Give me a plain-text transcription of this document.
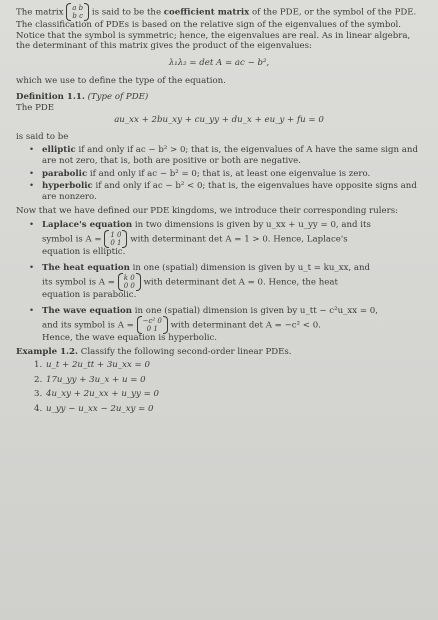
The matrix a b
b c is said to be the coefficient matrix of the PDE, or the symbol of the PDE. The classification of PDEs is based on the relative sign of the eigenvalues of the symbol. Notice that the symbol is symmetric; hence, the eigenvalues are real. As in linear algebra, the determinant of this matrix gives the product of the eigenvalues:

λ₁λ₂ = det A = ac − b²,

which we use to define the type of the equation.

Definition 1.1. (Type of PDE)

The PDE

au_xx + 2bu_xy + cu_yy + du_x + eu_y + fu = 0

is said to be

• elliptic if and only if ac − b² > 0; that is, the eigenvalues of A have the same sign and are not zero, that is, both are positive or both are negative.
• parabolic if and only if ac − b² = 0; that is, at least one eigenvalue is zero.
• hyperbolic if and only if ac − b² < 0; that is, the eigenvalues have opposite signs and are nonzero.

Now that we have defined our PDE kingdoms, we introduce their corresponding rulers:

• Laplace's equation in two dimensions is given by u_xx + u_yy = 0, and its
symbol is A = 1 0
0 1 with determinant det A = 1 > 0. Hence, Laplace's
equation is elliptic.
• The heat equation in one (spatial) dimension is given by u_t = ku_xx, and
its symbol is A = k 0
0 0 with determinant det A = 0. Hence, the heat
equation is parabolic.
• The wave equation in one (spatial) dimension is given by u_tt − c²u_xx = 0,
and its symbol is A = −c² 0
0 1	with determinant det A = −c² < 0.
Hence, the wave equation is hyperbolic.

Example 1.2. Classify the following second-order linear PDEs.

1. u_t + 2u_tt + 3u_xx = 0
2. 17u_yy + 3u_x + u = 0
3. 4u_xy + 2u_xx + u_yy = 0
4. u_yy − u_xx − 2u_xy = 0
